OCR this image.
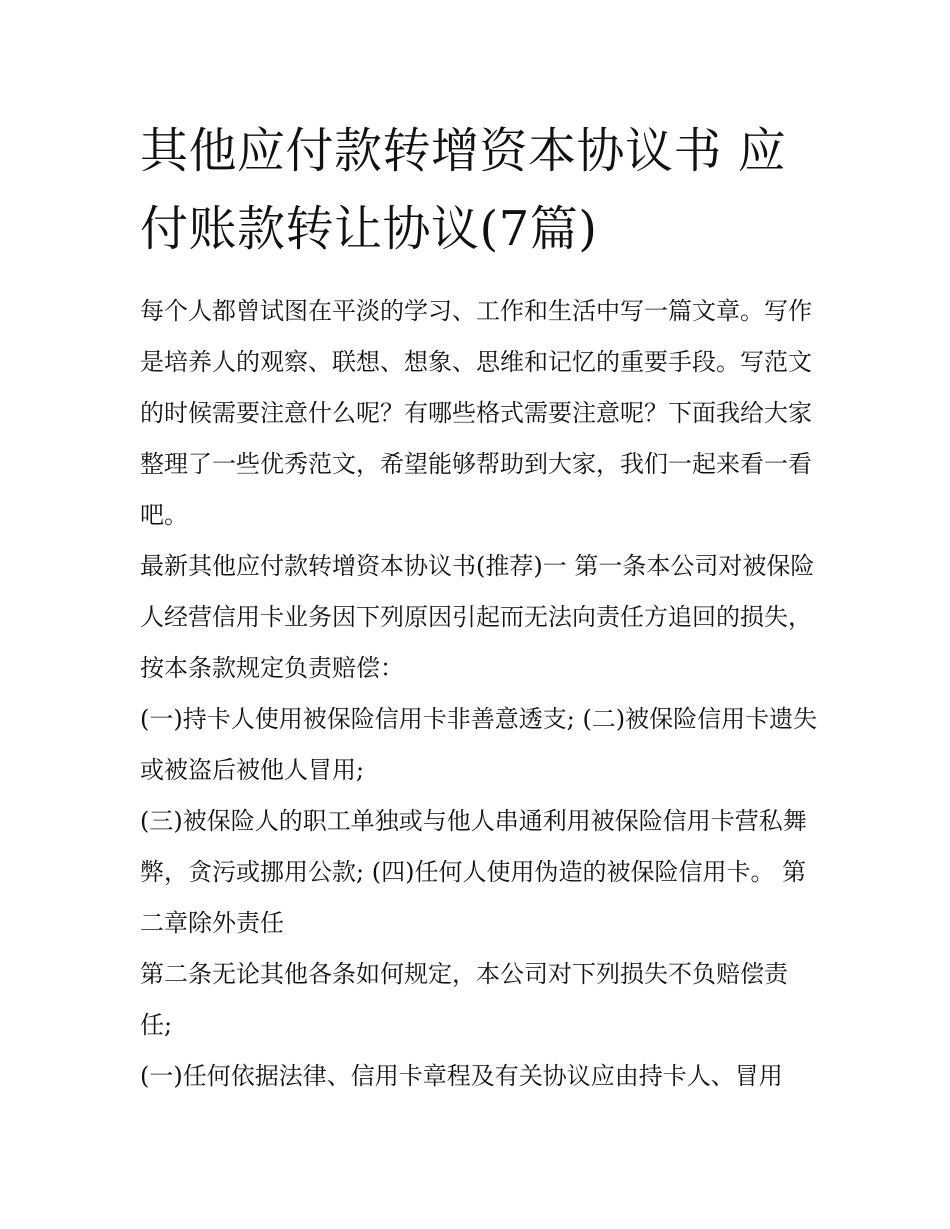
其他应付款转增资本协议书 应付账款转让协议(7篇)

每个人都曾试图在平淡的学习、工作和生活中写一篇文章。写作是培养人的观察、联想、想象、思维和记忆的重要手段。写范文的时候需要注意什么呢？有哪些格式需要注意呢？下面我给大家整理了一些优秀范文，希望能够帮助到大家，我们一起来看一看吧。

最新其他应付款转增资本协议书(推荐)一 第一条本公司对被保险人经营信用卡业务因下列原因引起而无法向责任方追回的损失，按本条款规定负责赔偿：

(一)持卡人使用被保险信用卡非善意透支; (二)被保险信用卡遗失或被盗后被他人冒用;

(三)被保险人的职工单独或与他人串通利用被保险信用卡营私舞弊，贪污或挪用公款; (四)任何人使用伪造的被保险信用卡。 第二章除外责任

第二条无论其他各条如何规定，本公司对下列损失不负赔偿责任;

(一)任何依据法律、信用卡章程及有关协议应由持卡人、冒用
